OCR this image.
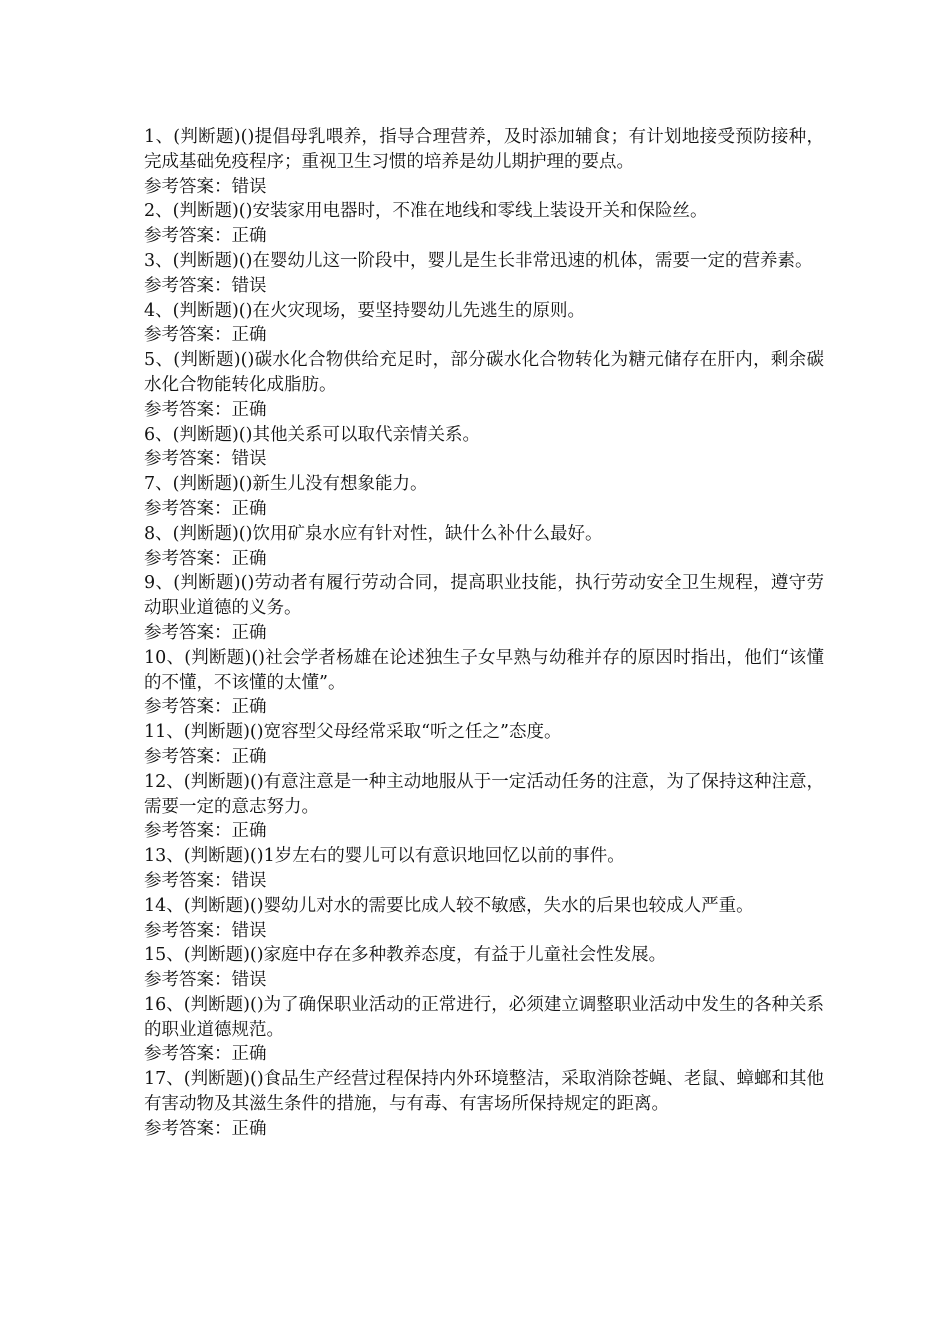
1、(判断题)()提倡母乳喂养，指导合理营养，及时添加辅食；有计划地接受预防接种，完成基础免疫程序；重视卫生习惯的培养是幼儿期护理的要点。

参考答案：错误

2、(判断题)()安装家用电器时，不准在地线和零线上装设开关和保险丝。

参考答案：正确

3、(判断题)()在婴幼儿这一阶段中，婴儿是生长非常迅速的机体，需要一定的营养素。

参考答案：错误

4、(判断题)()在火灾现场，要坚持婴幼儿先逃生的原则。

参考答案：正确

5、(判断题)()碳水化合物供给充足时，部分碳水化合物转化为糖元储存在肝内，剩余碳水化合物能转化成脂肪。

参考答案：正确

6、(判断题)()其他关系可以取代亲情关系。

参考答案：错误

7、(判断题)()新生儿没有想象能力。

参考答案：正确

8、(判断题)()饮用矿泉水应有针对性，缺什么补什么最好。

参考答案：正确

9、(判断题)()劳动者有履行劳动合同，提高职业技能，执行劳动安全卫生规程，遵守劳动职业道德的义务。

参考答案：正确

10、(判断题)()社会学者杨雄在论述独生子女早熟与幼稚并存的原因时指出，他们“该懂的不懂，不该懂的太懂”。

参考答案：正确

11、(判断题)()宽容型父母经常采取“听之任之”态度。

参考答案：正确

12、(判断题)()有意注意是一种主动地服从于一定活动任务的注意，为了保持这种注意，需要一定的意志努力。

参考答案：正确

13、(判断题)()1岁左右的婴儿可以有意识地回忆以前的事件。

参考答案：错误

14、(判断题)()婴幼儿对水的需要比成人较不敏感，失水的后果也较成人严重。

参考答案：错误

15、(判断题)()家庭中存在多种教养态度，有益于儿童社会性发展。

参考答案：错误

16、(判断题)()为了确保职业活动的正常进行，必须建立调整职业活动中发生的各种关系的职业道德规范。

参考答案：正确

17、(判断题)()食品生产经营过程保持内外环境整洁，采取消除苍蝇、老鼠、蟑螂和其他有害动物及其滋生条件的措施，与有毒、有害场所保持规定的距离。

参考答案：正确
